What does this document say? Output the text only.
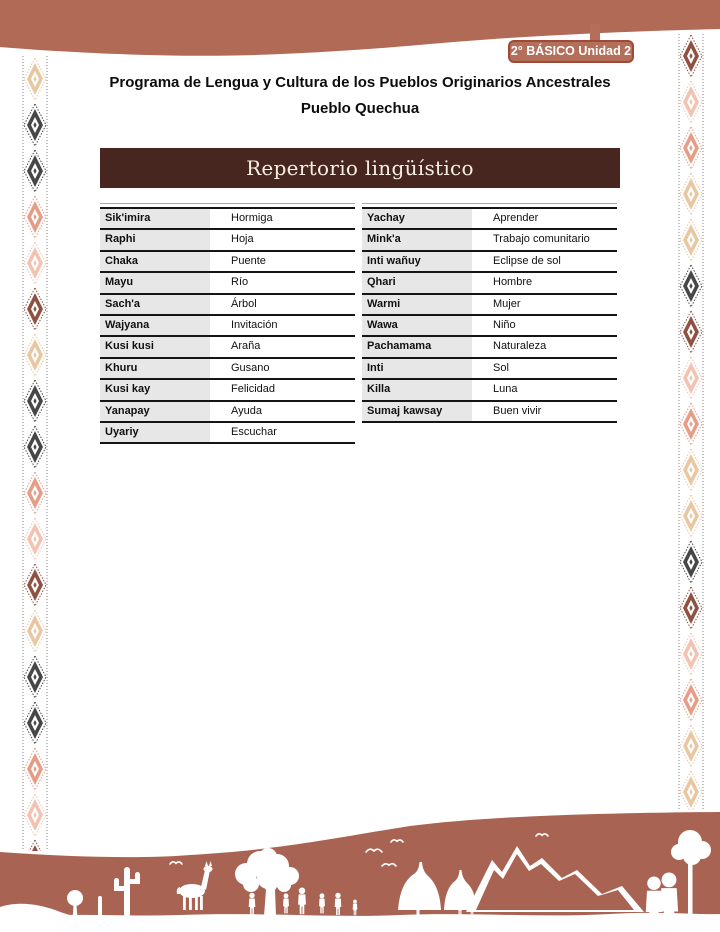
2° BÁSICO Unidad 2
Programa de Lengua y Cultura de los Pueblos Originarios Ancestrales
Pueblo Quechua
Repertorio lingüístico
Sik'imira	Hormiga
Raphi	Hoja
Chaka	Puente
Mayu	Río
Sach'a	Árbol
Wajyana	Invitación
Kusi kusi	Araña
Khuru	Gusano
Kusi kay	Felicidad
Yanapay	Ayuda
Uyariy	Escuchar
Yachay	Aprender
Mink'a	Trabajo comunitario
Inti wañuy	Eclipse de sol
Qhari	Hombre
Warmi	Mujer
Wawa	Niño
Pachamama	Naturaleza
Inti	Sol
Killa	Luna
Sumaj kawsay	Buen vivir
